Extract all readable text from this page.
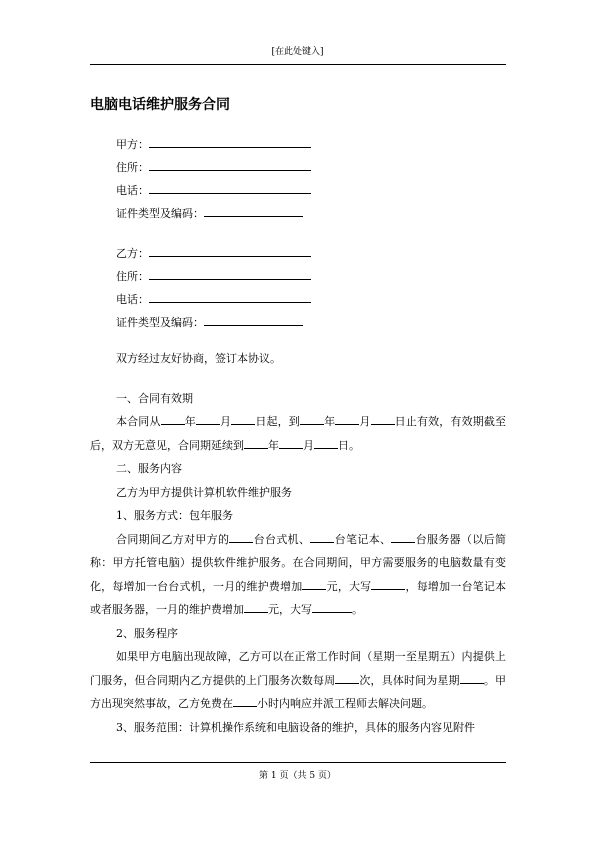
[在此处键入]
电脑电话维护服务合同
甲方：
住所：
电话：
证件类型及编码：
乙方：
住所：
电话：
证件类型及编码：

双方经过友好协商，签订本协议。

一、合同有效期

本合同从 年 月 日起，到 年 月 日止有效，有效期截至后，双方无意见，合同期延续到 年 月 日。

二、服务内容

乙方为甲方提供计算机软件维护服务

1、服务方式：包年服务

合同期间乙方对甲方的 台台式机、 台笔记本、 台服务器（以后简称：甲方托管电脑）提供软件维护服务。在合同期间，甲方需要服务的电脑数量有变化，每增加一台台式机，一月的维护费增加 元，大写	，每增加一台笔记本或者服务器，一月的维护费增加 元，大写	。

2、服务程序

如果甲方电脑出现故障，乙方可以在正常工作时间（星期一至星期五）内提供上门服务，但合同期内乙方提供的上门服务次数每周 次，具体时间为星期 。甲方出现突然事故，乙方免费在 小时内响应并派工程师去解决问题。

3、服务范围：计算机操作系统和电脑设备的维护，具体的服务内容见附件

第 1 页（共 5 页）
